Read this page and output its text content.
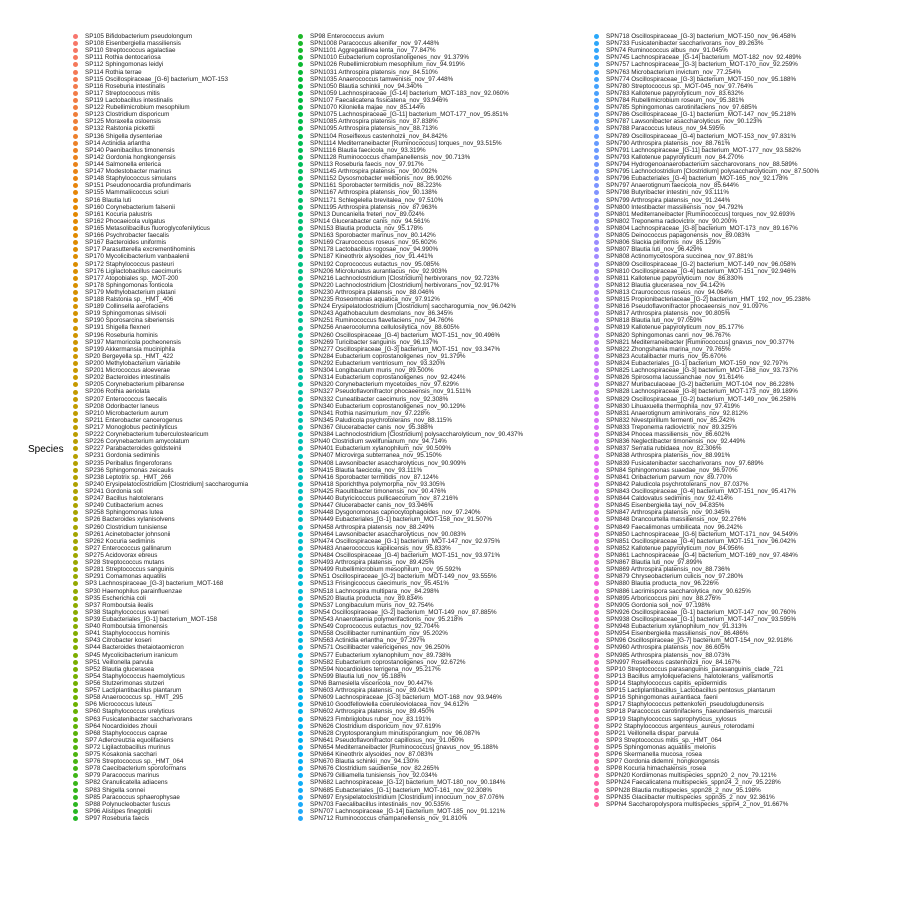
Species
SP105 Bifidobacterium pseudolongum
SP108 Eisenbergiella massiliensis
SP110 Streptococcus agalactiae
SP111 Rothia dentocariosa
SP112 Sphingomonas leidyi
SP114 Rothia terrae
SP115 Oscillospiraceae_[G-6] bacterium_MOT-153
SP116 Roseburia intestinalis
SP117 Streptococcus mitis
SP119 Lactobacillus intestinalis
SP122 Rubellimicrobium mesophilum
SP123 Clostridium disporicum
SP125 Moraxella osloensis
SP132 Ralstonia pickettii
SP136 Shigella dysenteriae
SP14 Actinidia arlantha
SP140 Paenibacillus timonensis
SP142 Gordonia hongkongensis
SP144 Salmonella enterica
SP147 Modestobacter marinus
SP148 Staphylococcus simulans
SP151 Pseudonocardia profundimaris
SP155 Mammaliicoccus sciuri
SP16 Blautia luti
SP160 Corynebacterium falsenii
SP161 Kocuria palustris
SP162 Phocaeicola vulgatus
SP165 Metasolibacillus fluoroglycofenilyticus
SP166 Psychrobacter faecalis
SP167 Bacteroides uniformis
SP17 Parasutterella excrementihominis
SP170 Mycolicibacterium vanbaalenii
SP172 Staphylococcus pasteuri
SP176 Ligilactobacillus caecimuris
SP177 Atopobiales sp._MOT-200
SP178 Sphingomonas fonticola
SP179 Methylobacterium platani
SP188 Ralstonia sp._HMT_406
SP189 Collinsella aerofaciens
SP19 Sphingomonas silvisoli
SP190 Sporosarcina siberiensis
SP191 Shigella flexneri
SP196 Roseburia hominis
SP197 Marmoricola pocheonensis
SP199 Akkermansia muciniphila
SP20 Bergeyella sp._HMT_422
SP200 Methylobacterium variabile
SP201 Micrococcus aloeverae
SP202 Bacteroides intestinalis
SP205 Corynebacterium pilbarense
SP206 Rothia aeriolata
SP207 Enterococcus faecalis
SP208 Odoribacter laneus
SP210 Microbacterium aurum
SP211 Enterobacter cancerogenus
SP217 Monoglobus pectinilyticus
SP222 Corynebacterium tuberculostearicum
SP226 Corynebacterium amycolatum
SP227 Parabacteroides goldsteinii
SP231 Gordonia sediminis
SP235 Periballus fingeroforans
SP236 Sphingomonas zeicaulis
SP238 Leptotrix sp._HMT_266
SP240 Erysipelatoclostridium [Clostridium] saccharogumia
SP241 Gordonia soli
SP247 Bacillus halotolerans
SP249 Cutibacterium acnes
SP258 Sphingomonas lutea
SP26 Bacteroides xylanisolvens
SP260 Clostridium tunisiense
SP261 Acinetobacter johnsonii
SP262 Kocuria sediminis
SP27 Enterococcus gallinarum
SP275 Acidovorax ebreus
SP28 Streptococcus mutans
SP281 Streptococcus sanguinis
SP291 Comamonas aquatilis
SP3 Lachnospiraceae_[G-3] bacterium_MOT-168
SP30 Haemophilus parainfluenzae
SP35 Escherichia coli
SP37 Romboutsia ilealis
SP38 Staphylococcus warneri
SP39 Eubacteriales_[G-1] bacterium_MOT-158
SP40 Romboutsia timonensis
SP41 Staphylococcus hominis
SP43 Citrobacter koseri
SP44 Bacteroides thetaiotaomicron
SP45 Mycolicibacterium iranicum
SP51 Veillonella parvula
SP52 Blautia glucerasea
SP54 Staphylococcus haemolyticus
SP56 Stutzerimonas stutzeri
SP57 Lactiplantibacillus plantarum
SP58 Anaerococcus sp._HMT_295
SP6 Micrococcus luteus
SP60 Staphylococcus urelyticus
SP63 Fusicatenibacter saccharivorans
SP64 Nocardioides zhouii
SP68 Staphylococcus caprae
SP7 Adlercreutzia equolifaciens
SP72 Ligilactobacillus murinus
SP75 Kosakonia sacchari
SP76 Streptococcus sp._HMT_064
SP78 Caecibacterium sporoformans
SP79 Paracoccus marinus
SP82 Granulicatella adiacens
SP83 Shigella sonnei
SP85 Paracoccus sphaerophysae
SP88 Polynucleobacter fuscus
SP96 Alistipes finegoldii
SP97 Roseburia faecis
SP98 Enterococcus avium
SPN1008 Paracoccus alkenifer_nov_97.448%
SPN1101 Aggregatilinea lenta_nov_77.847%
SPN1010 Eubacterium coprostanoligenes_nov_91.379%
SPN1026 Rubellimicrobium mesophilum_nov_94.919%
SPN1031 Arthrospira platensis_nov_84.510%
SPN1035 Anaerococcus tamwenisis_nov_97.448%
SPN1050 Blautia schinkii_nov_94.340%
SPN1059 Lachnospiraceae_[G-14] bacterium_MOT-183_nov_92.060%
SPN107 Faecalicatena fissicatena_nov_93.946%
SPN1070 Kiloniella majae_nov_85.144%
SPN1075 Lachnospiraceae_[G-11] bacterium_MOT-177_nov_95.851%
SPN1085 Arthrospira platensis_nov_87.838%
SPN1095 Arthrospira platensis_nov_88.713%
SPN1104 Roseiflexus castenholzii_nov_84.842%
SPN1114 Mediterraneibacter [Ruminococcus] torques_nov_93.515%
SPN1116 Blautia faecicola_nov_93.319%
SPN1128 Ruminococcus champanellensis_nov_90.713%
SPN113 Roseburia faecis_nov_97.917%
SPN1145 Arthrospira platensis_nov_90.092%
SPN1152 Dysosmobacter welbionis_nov_86.902%
SPN1161 Sporobacter termitidis_nov_88.223%
SPN1167 Arthrospira platensis_nov_90.138%
SPN1171 Schlegelella brevitalea_nov_97.510%
SPN1195 Arthrospira platensis_nov_87.963%
SPN13 Duncaniella freteri_nov_89.024%
SPN14 Glucerabacter canis_nov_94.561%
SPN153 Blautia producta_nov_95.178%
SPN163 Sporobacter marinus_nov_80.142%
SPN169 Craurococcus roseus_nov_95.602%
SPN178 Lactobacillus rogosae_nov_94.990%
SPN187 Kineothrix alysoides_nov_91.441%
SPN192 Coprococcus eutactus_nov_95.085%
SPN206 Microlunatus aurantiacus_nov_92.903%
SPN216 Lachnoclostridium [Clostridium] herbivorans_nov_92.723%
SPN220 Lachnoclostridium [Clostridium] herbivorans_nov_92.917%
SPN230 Arthrospira platensis_nov_88.046%
SPN235 Roseomonas aquatica_nov_97.912%
SPN24 Erysipelatoclostridium [Clostridium] saccharogumia_nov_96.042%
SPN243 Agathobaculum desmolans_nov_86.345%
SPN251 Ruminococcus flavefaciens_nov_94.760%
SPN256 Anaerocolumna cellulosilytica_nov_88.605%
SPN260 Oscillospiraceae_[G-4] bacterium_MOT-151_nov_90.496%
SPN269 Turicibacter sanguinis_nov_96.137%
SPN277 Oscillospiraceae_[G-3] bacterium_MOT-151_nov_93.347%
SPN284 Eubacterium coprostanoligenes_nov_91.379%
SPN292 Eubacterium ventriosum_nov_93.320%
SPN304 Longibaculum muris_nov_89.500%
SPN314 Eubacterium coprostanoligenes_nov_92.424%
SPN320 Corynebacterium mycetoides_nov_97.629%
SPN327 Pseudoflavonifractor phocaeensis_nov_91.511%
SPN332 Cuneatibacter caecimuris_nov_92.308%
SPN340 Eubacterium coprostanoligenes_nov_90.129%
SPN341 Rothia nasimurium_nov_97.228%
SPN345 Paludicola psychrotolerans_nov_88.115%
SPN367 Glucerabacter canis_nov_95.388%
SPN384 Lachnoclostridium [Clostridium] polysaccharolyticum_nov_90.437%
SPN40 Clostridium swellfunianum_nov_94.714%
SPN401 Eubacterium xylanophilum_nov_90.509%
SPN407 Microvirga subterranea_nov_95.150%
SPN408 Lawsonibacter asaccharolyticus_nov_90.909%
SPN415 Blautia faecicola_nov_93.111%
SPN416 Sporobacter termitidis_nov_87.124%
SPN418 Sporichthya polymorpha_nov_93.305%
SPN425 Raoultibacter timonensis_nov_90.476%
SPN440 Butyricicoccus pullicaecorum_nov_87.216%
SPN447 Glucerabacter canis_nov_93.946%
SPN448 Dysgonomonas capnocytophagoides_nov_97.240%
SPN449 Eubacteriales_[G-1] bacterium_MOT-158_nov_91.507%
SPN458 Arthrospira platensis_nov_88.249%
SPN464 Lawsonibacter asaccharolyticus_nov_90.083%
SPN474 Oscillospiraceae_[G-1] bacterium_MOT-147_nov_92.975%
SPN483 Anaerococcus kapilicensis_nov_95.833%
SPN484 Oscillospiraceae_[G-4] bacterium_MOT-151_nov_93.971%
SPN493 Arthrospira platensis_nov_89.425%
SPN499 Rubellimicrobium mesophilum_nov_95.592%
SPN51 Oscillospiraceae_[G-2] bacterium_MOT-149_nov_93.555%
SPN513 Frisingicoccus caecimuris_nov_95.451%
SPN518 Lachnospira multipara_nov_84.298%
SPN520 Blautia producta_nov_89.834%
SPN537 Longibaculum muris_nov_92.754%
SPN54 Oscillospiraceae_[G-2] bacterium_MOT-149_nov_87.885%
SPN543 Anaerotaenia polymerifactionis_nov_95.218%
SPN549 Coprococcus eutactus_nov_92.704%
SPN558 Oscillibacter ruminantium_nov_95.202%
SPN563 Actinidia erlantha_nov_97.297%
SPN571 Oscillibacter valericigenes_nov_96.250%
SPN577 Eubacterium xylanophilum_nov_89.738%
SPN582 Eubacterium coprostanoligenes_nov_92.672%
SPN594 Nocardioides terrigena_nov_95.217%
SPN599 Blautia luti_nov_95.188%
SPN6 Barnesiella viscericola_nov_90.447%
SPN603 Arthrospira platensis_nov_89.041%
SPN609 Lachnospiraceae_[G-3] bacterium_MOT-168_nov_93.946%
SPN610 Goodfellowiella coeruleoviolacea_nov_94.612%
SPN602 Arthrospira platensis_nov_89.450%
SPN623 Fimbriiglobus ruber_nov_83.191%
SPN626 Clostridium disporicum_nov_97.619%
SPN628 Cryptosporangium minutisporangium_nov_96.087%
SPN641 Pseudoflavonifractor capillosus_nov_91.060%
SPN654 Mediterraneibacter [Ruminococcus] gnavus_nov_95.188%
SPN664 Kineothrix alysoides_nov_87.083%
SPN670 Blautia schinkii_nov_94.130%
SPN676 Clostridium saudiense_nov_82.265%
SPN679 Gilliamella tunisiensis_nov_92.034%
SPN682 Lachnospiraceae_[G-12] bacterium_MOT-180_nov_90.184%
SPN685 Eubacteriales_[G-1] bacterium_MOT-161_nov_92.308%
SPN697 Erysipelatoclostridium [Clostridium] innocuum_nov_87.076%
SPN703 Faecalibacillus intestinalis_nov_90.535%
SPN707 Lachnospiraceae_[G-14] bacterium_MOT-185_nov_91.121%
SPN712 Ruminococcus champanellensis_nov_91.810%
SPN718 Oscillospiraceae_[G-3] bacterium_MOT-150_nov_96.458%
SPN733 Fusicatenibacter saccharivorans_nov_89.263%
SPN74 Ruminococcus albus_nov_91.045%
SPN745 Lachnospiraceae_[G-14] bacterium_MOT-182_nov_92.489%
SPN757 Lachnospiraceae_[G-3] bacterium_MOT-170_nov_92.259%
SPN763 Microbacterium invictum_nov_77.254%
SPN774 Oscillospiraceae_[G-3] bacterium_MOT-150_nov_95.188%
SPN780 Streptococcus sp._MOT-045_nov_97.764%
SPN783 Kallotenue papyrolyticum_nov_83.632%
SPN784 Rubellimicrobium roseum_nov_95.381%
SPN785 Sphingomonas carotinifaciens_nov_97.685%
SPN786 Oscillospiraceae_[G-1] bacterium_MOT-147_nov_95.218%
SPN787 Lawsonibacter asaccharolyticus_nov_90.123%
SPN788 Paracoccus luteus_nov_94.595%
SPN789 Oscillospiraceae_[G-4] bacterium_MOT-153_nov_97.831%
SPN790 Arthrospira platensis_nov_88.761%
SPN791 Lachnospiraceae_[G-11] bacterium_MOT-177_nov_93.582%
SPN793 Kallotenue papyrolyticum_nov_84.270%
SPN794 Hydrogenoanaerobacterium saccharovorans_nov_88.589%
SPN795 Lachnoclostridium [Clostridium] polysaccharolyticum_nov_87.500%
SPN796 Eubacteriales_[G-4] bacterium_MOT-165_nov_92.178%
SPN797 Anaerotignum faecicola_nov_85.644%
SPN798 Butyribacter intestini_nov_93.111%
SPN799 Arthrospira platensis_nov_91.244%
SPN800 Intestibacter massiliensis_nov_94.792%
SPN801 Mediterraneibacter [Ruminococcus] torques_nov_92.693%
SPN802 Treponema radiovictrix_nov_90.200%
SPN804 Lachnospiraceae_[G-8] bacterium_MOT-173_nov_89.167%
SPN805 Deinococcus papagonensis_nov_89.083%
SPN806 Slackia piriformis_nov_85.129%
SPN807 Blautia luti_nov_96.429%
SPN808 Actinomycetospora succinea_nov_97.881%
SPN809 Oscillospiraceae_[G-2] bacterium_MOT-149_nov_96.058%
SPN810 Oscillospiraceae_[G-4] bacterium_MOT-151_nov_92.946%
SPN811 Kallotenue papyrolyticum_nov_86.830%
SPN812 Blautia glucerasea_nov_94.142%
SPN813 Craurococcus roseus_nov_94.064%
SPN815 Propionibacteriaceae_[G-2] bacterium_HMT_192_nov_95.238%
SPN816 Pseudoflavonifractor phocaeensis_nov_91.097%
SPN817 Arthrospira platensis_nov_90.805%
SPN818 Blautia luti_nov_97.059%
SPN819 Kallotenue papyrolyticum_nov_85.177%
SPN820 Sphingomonas canri_nov_96.767%
SPN821 Mediterraneibacter [Ruminococcus] gnavus_nov_90.377%
SPN822 Zhongshania marina_nov_79.765%
SPN823 Acutalibacter muris_nov_95.670%
SPN824 Eubacteriales_[G-1] bacterium_MOT-159_nov_92.797%
SPN825 Lachnospiraceae_[G-3] bacterium_MOT-168_nov_93.737%
SPN826 Spirosoma lacussanchae_nov_91.614%
SPN827 Muribaculaceae_[G-2] bacterium_MOT-104_nov_86.228%
SPN828 Lachnospiraceae_[G-8] bacterium_MOT-173_nov_89.189%
SPN829 Oscillospiraceae_[G-2] bacterium_MOT-149_nov_96.258%
SPN830 Lihuaxuella thermophila_nov_97.419%
SPN831 Anaerotignum aminivorans_nov_92.812%
SPN832 Nivestpirillum fermenti_nov_85.242%
SPN833 Treponema radiovictrix_nov_89.325%
SPN834 Phocea massiliensis_nov_86.602%
SPN836 Neglectibacter timonensis_nov_92.449%
SPN837 Serratia rubidaea_nov_82.306%
SPN838 Arthrospira platensis_nov_88.991%
SPN839 Fusicatenibacter saccharivorans_nov_97.689%
SPN84 Sphingomonas suaedae_nov_96.970%
SPN841 Oribacterium parvum_nov_89.770%
SPN842 Paludicola psychrotolerans_nov_87.037%
SPN843 Oscillospiraceae_[G-4] bacterium_MOT-151_nov_95.417%
SPN844 Caldovatus sediminis_nov_92.414%
SPN845 Eisenbergiella tayi_nov_94.835%
SPN847 Arthrospira platensis_nov_90.345%
SPN848 Drancourtella massiliensis_nov_92.276%
SPN849 Faecalimonas umbilicata_nov_96.242%
SPN850 Lachnospiraceae_[G-6] bacterium_MOT-171_nov_94.549%
SPN851 Oscillospiraceae_[G-4] bacterium_MOT-151_nov_96.042%
SPN852 Kallotenue papyrolyticum_nov_84.956%
SPN861 Lachnospiraceae_[G-4] bacterium_MOT-169_nov_97.484%
SPN867 Blautia luti_nov_97.899%
SPN869 Arthrospira platensis_nov_88.736%
SPN879 Chryseobacterium culicis_nov_97.280%
SPN880 Blautia producta_nov_96.226%
SPN886 Lacrimispora saccharolytica_nov_90.625%
SPN895 Arboricoccus pini_nov_88.276%
SPN905 Gordonia soli_nov_97.198%
SPN926 Oscillospiraceae_[G-1] bacterium_MOT-147_nov_90.760%
SPN938 Oscillospiraceae_[G-1] bacterium_MOT-147_nov_93.595%
SPN948 Eubacterium xylanophilum_nov_91.313%
SPN954 Eisenbergiella massiliensis_nov_86.486%
SPN96 Oscillospiraceae_[G-7] bacterium_MOT-154_nov_92.918%
SPN960 Arthrospira platensis_nov_86.605%
SPN985 Arthrospira platensis_nov_88.073%
SPN997 Roseiflexus castenholzii_nov_84.167%
SPP10 Streptococcus parasanguinis_parasanguinis_clade_721
SPP13 Bacillus amyloliquefaciens_halotolerans_vallismortis
SPP14 Staphylococcus capitis_epidermidis
SPP15 Lactiplantibacillus_Lactobacillus pentosus_plantarum
SPP16 Sphingomonas aurantiaca_faeni
SPP17 Staphylococcus pettenkoferi_pseudolugdunensis
SPP18 Paracoccus carotinifaciens_haeundaensis_marcusii
SPP19 Staphylococcus saprophyticus_xylosus
SPP2 Staphylococcus argenteus_aureus_roterodami
SPP21 Veillonella dispar_parvula
SPP3 Streptococcus mitis_sp._HMT_064
SPP5 Sphingomonas aquatilis_melonis
SPP6 Skermanella mucosa_rosea
SPP7 Gordonia didemni_hongkongensis
SPP8 Kocuria himachalensis_rosea
SPPN20 Kordiimonas multispecies_sppn20_2_nov_79.121%
SPPN24 Faecalicatena multispecies_sppn24_2_nov_95.228%
SPPN28 Blautia multispecies_sppn28_2_nov_95.198%
SPPN35 Glaciibacter multispecies_sppn35_2_nov_92.361%
SPPN4 Saccharopolyspora multispecies_sppn4_2_nov_91.667%
